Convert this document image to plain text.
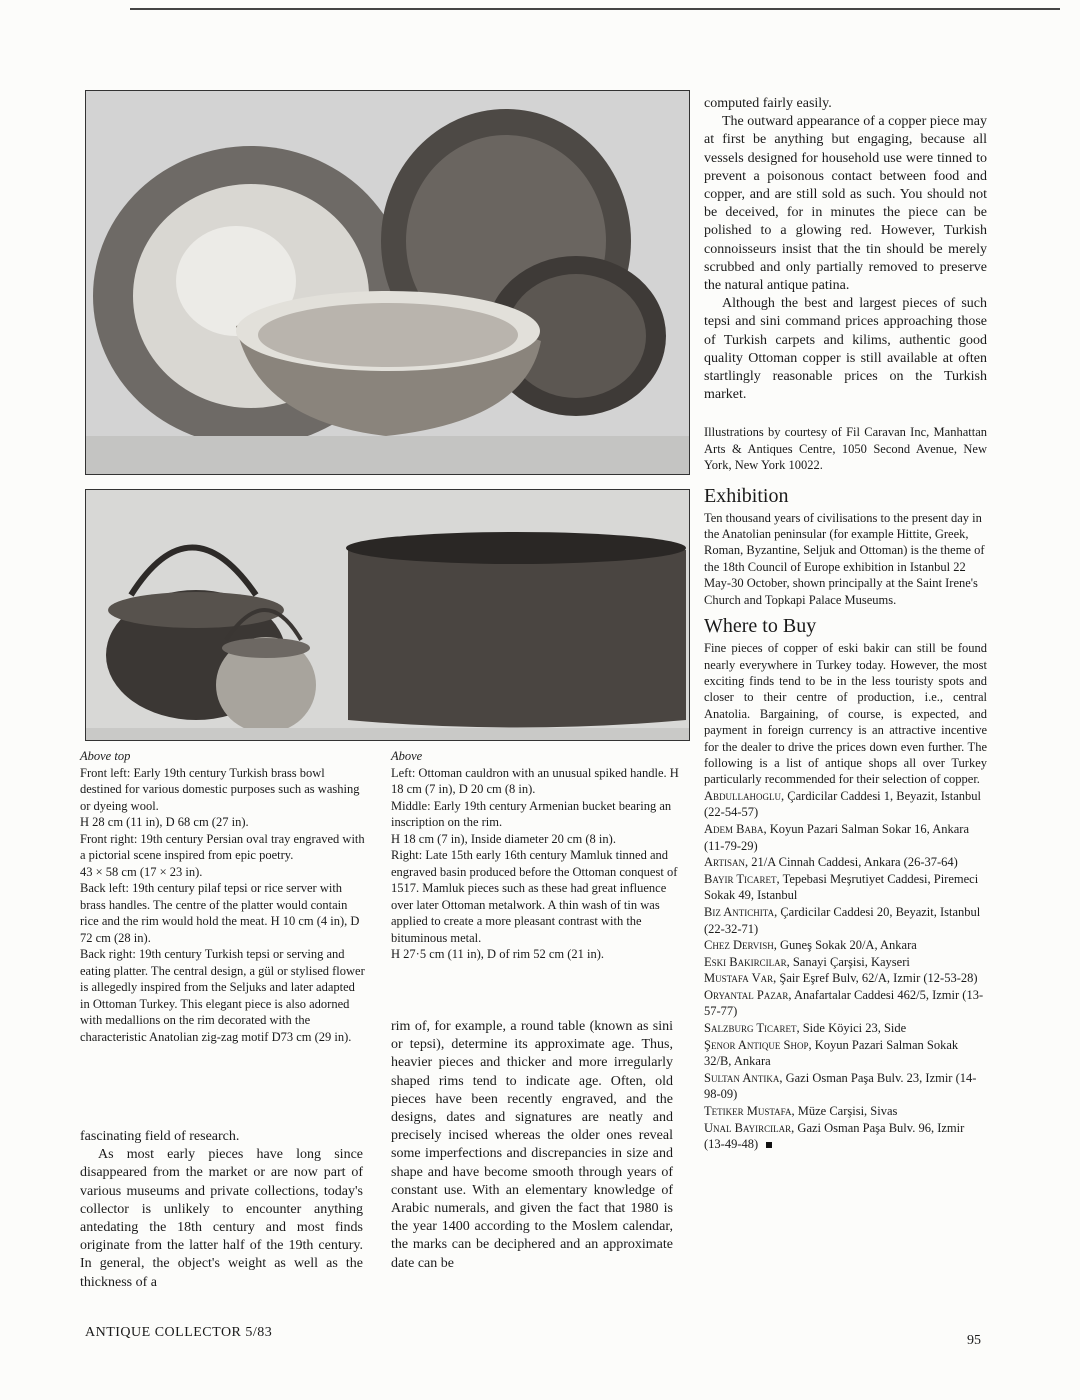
Above top

Front left: Early 19th century Turkish brass bowl destined for various domestic purposes such as washing or dyeing wool.

H 28 cm (11 in), D 68 cm (27 in).

Front right: 19th century Persian oval tray engraved with a pictorial scene inspired from epic poetry.

43 × 58 cm (17 × 23 in).

Back left: 19th century pilaf tepsi or rice server with brass handles. The centre of the platter would contain rice and the rim would hold the meat. H 10 cm (4 in), D 72 cm (28 in).

Back right: 19th century Turkish tepsi or serving and eating platter. The central design, a gül or stylised flower is allegedly inspired from the Seljuks and later adapted in Ottoman Turkey. This elegant piece is also adorned with medallions on the rim decorated with the characteristic Anatolian zig-zag motif D73 cm (29 in).

Above

Left: Ottoman cauldron with an unusual spiked handle. H 18 cm (7 in), D 20 cm (8 in).

Middle: Early 19th century Armenian bucket bearing an inscription on the rim.

H 18 cm (7 in), Inside diameter 20 cm (8 in).

Right: Late 15th early 16th century Mamluk tinned and engraved basin produced before the Ottoman conquest of 1517. Mamluk pieces such as these had great influence over later Ottoman metalwork. A thin wash of tin was applied to create a more pleasant contrast with the bituminous metal.

H 27·5 cm (11 in), D of rim 52 cm (21 in).

fascinating field of research.

As most early pieces have long since disappeared from the market or are now part of various museums and private collections, today's collector is unlikely to encounter anything antedating the 18th century and most finds originate from the latter half of the 19th century. In general, the object's weight as well as the thickness of a

rim of, for example, a round table (known as sini or tepsi), determine its approximate age. Thus, heavier pieces and thicker and more irregularly shaped rims tend to indicate age. Often, old pieces have been recently engraved, and the designs, dates and signatures are neatly and precisely incised whereas the older ones reveal some imperfections and discrepancies in size and shape and have become smooth through years of constant use. With an elementary knowledge of Arabic numerals, and given the fact that 1980 is the year 1400 according to the Moslem calendar, the marks can be deciphered and an approximate date can be

computed fairly easily.

The outward appearance of a copper piece may at first be anything but engaging, because all vessels designed for household use were tinned to prevent a poisonous contact between food and copper, and are still sold as such. You should not be deceived, for in minutes the piece can be polished to a glowing red. However, Turkish connoisseurs insist that the tin should be merely scrubbed and only partially removed to preserve the natural antique patina.

Although the best and largest pieces of such tepsi and sini command prices approaching those of Turkish carpets and kilims, authentic good quality Ottoman copper is still available at often startlingly reasonable prices on the Turkish market.

Illustrations by courtesy of Fil Caravan Inc, Manhattan Arts & Antiques Centre, 1050 Second Avenue, New York, New York 10022.

Exhibition

Ten thousand years of civilisations to the present day in the Anatolian peninsular (for example Hittite, Greek, Roman, Byzantine, Seljuk and Ottoman) is the theme of the 18th Council of Europe exhibition in Istanbul 22 May-30 October, shown principally at the Saint Irene's Church and Topkapi Palace Museums.

Where to Buy

Fine pieces of copper of eski bakir can still be found nearly everywhere in Turkey today. However, the most exciting finds tend to be in the less touristy spots and closer to their centre of production, i.e., central Anatolia. Bargaining, of course, is expected, and payment in foreign currency is an attractive incentive for the dealer to drive the prices down even further. The following is a list of antique shops all over Turkey particularly recommended for their selection of copper.

Abdullahoglu, Çardicilar Caddesi 1, Beyazit, Istanbul (22-54-57)

Adem Baba, Koyun Pazari Salman Sokar 16, Ankara (11-79-29)

Artisan, 21/A Cinnah Caddesi, Ankara (26-37-64)

Bayir Ticaret, Tepebasi Meşrutiyet Caddesi, Piremeci Sokak 49, Istanbul

Biz Antichita, Çardicilar Caddesi 20, Beyazit, Istanbul (22-32-71)

Chez Dervish, Guneş Sokak 20/A, Ankara

Eski Bakircilar, Sanayi Çarşisi, Kayseri

Mustafa Var, Şair Eşref Bulv, 62/A, Izmir (12-53-28)

Oryantal Pazar, Anafartalar Caddesi 462/5, Izmir (13-57-77)

Salzburg Ticaret, Side Köyici 23, Side

Şenor Antique Shop, Koyun Pazari Salman Sokak 32/B, Ankara

Sultan Antika, Gazi Osman Paşa Bulv. 23, Izmir (14-98-09)

Tetiker Mustafa, Müze Carşisi, Sivas

Unal Bayircilar, Gazi Osman Paşa Bulv. 96, Izmir (13-49-48)

ANTIQUE COLLECTOR 5/83
95
